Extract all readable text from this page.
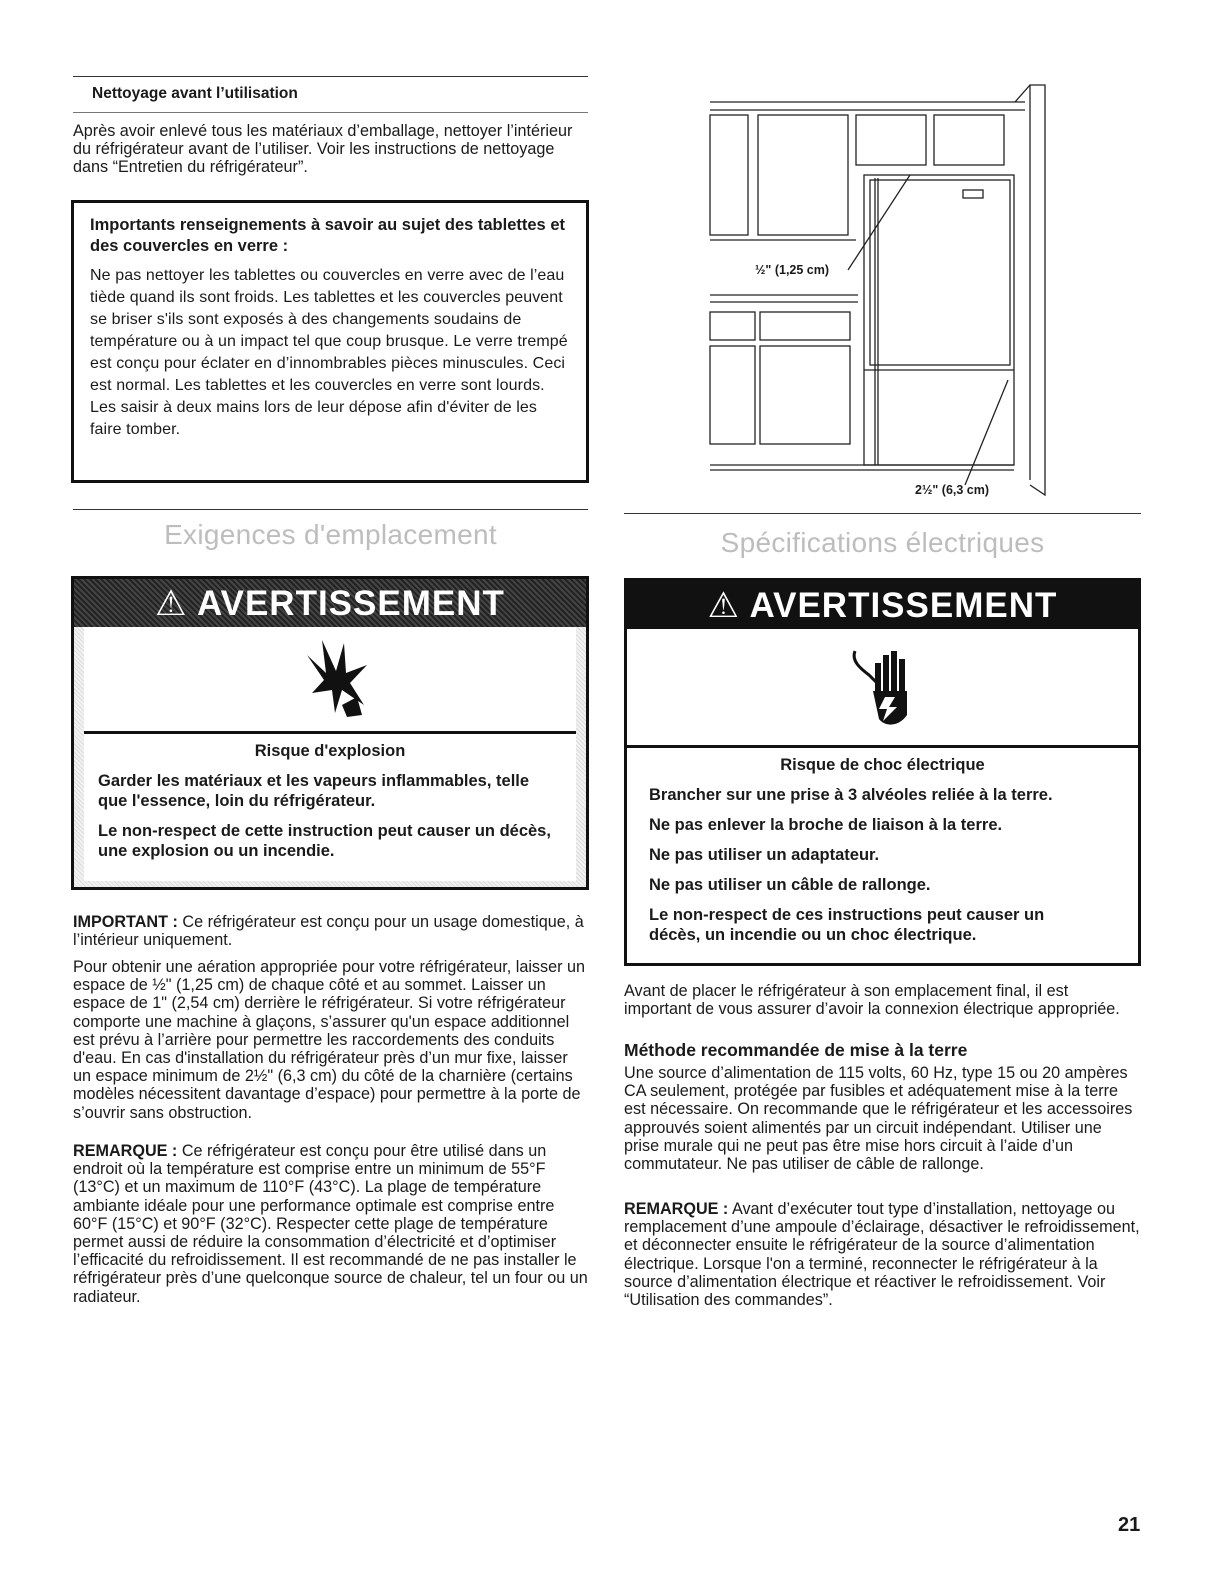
Nettoyage avant l’utilisation

Après avoir enlevé tous les matériaux d’emballage, nettoyer l’intérieur du réfrigérateur avant de l’utiliser. Voir les instructions de nettoyage dans “Entretien du réfrigérateur”.

Importants renseignements à savoir au sujet des tablettes et des couvercles en verre :
Ne pas nettoyer les tablettes ou couvercles en verre avec de l’eau tiède quand ils sont froids. Les tablettes et les couvercles peuvent se briser s'ils sont exposés à des changements soudains de température ou à un impact tel que coup brusque. Le verre trempé est conçu pour éclater en d’innombrables pièces minuscules. Ceci est normal. Les tablettes et les couvercles en verre sont lourds. Les saisir à deux mains lors de leur dépose afin d'éviter de les faire tomber.
½" (1,25 cm)
2½" (6,3 cm)
Exigences d'emplacement	Spécifications électriques
⚠ AVERTISSEMENT
Risque d'explosion

Garder les matériaux et les vapeurs inflammables, telle que l'essence, loin du réfrigérateur.

Le non-respect de cette instruction peut causer un décès, une explosion ou un incendie.

IMPORTANT : Ce réfrigérateur est conçu pour un usage domestique, à l’intérieur uniquement.

Pour obtenir une aération appropriée pour votre réfrigérateur, laisser un espace de ½" (1,25 cm) de chaque côté et au sommet. Laisser un espace de 1" (2,54 cm) derrière le réfrigérateur. Si votre réfrigérateur comporte une machine à glaçons, s’assurer qu'un espace additionnel est prévu à l’arrière pour permettre les raccordements des conduits d'eau. En cas d'installation du réfrigérateur près d’un mur fixe, laisser un espace minimum de 2½" (6,3 cm) du côté de la charnière (certains modèles nécessitent davantage d’espace) pour permettre à la porte de s’ouvrir sans obstruction.

REMARQUE : Ce réfrigérateur est conçu pour être utilisé dans un endroit où la température est comprise entre un minimum de 55°F (13°C) et un maximum de 110°F (43°C). La plage de température ambiante idéale pour une performance optimale est comprise entre 60°F (15°C) et 90°F (32°C). Respecter cette plage de température permet aussi de réduire la consommation d’électricité et d’optimiser l’efficacité du refroidissement. Il est recommandé de ne pas installer le réfrigérateur près d’une quelconque source de chaleur, tel un four ou un radiateur.

⚠ AVERTISSEMENT
Risque de choc électrique

Brancher sur une prise à 3 alvéoles reliée à la terre.

Ne pas enlever la broche de liaison à la terre.

Ne pas utiliser un adaptateur.

Ne pas utiliser un câble de rallonge.

Le non-respect de ces instructions peut causer un décès, un incendie ou un choc électrique.

Avant de placer le réfrigérateur à son emplacement final, il est important de vous assurer d’avoir la connexion électrique appropriée.

Méthode recommandée de mise à la terre

Une source d’alimentation de 115 volts, 60 Hz, type 15 ou 20 ampères CA seulement, protégée par fusibles et adéquatement mise à la terre est nécessaire. On recommande que le réfrigérateur et les accessoires approuvés soient alimentés par un circuit indépendant. Utiliser une prise murale qui ne peut pas être mise hors circuit à l’aide d’un commutateur. Ne pas utiliser de câble de rallonge.

REMARQUE : Avant d’exécuter tout type d’installation, nettoyage ou remplacement d’une ampoule d’éclairage, désactiver le refroidissement, et déconnecter ensuite le réfrigérateur de la source d’alimentation électrique. Lorsque l'on a terminé, reconnecter le réfrigérateur à la source d’alimentation électrique et réactiver le refroidissement. Voir “Utilisation des commandes”.

21
